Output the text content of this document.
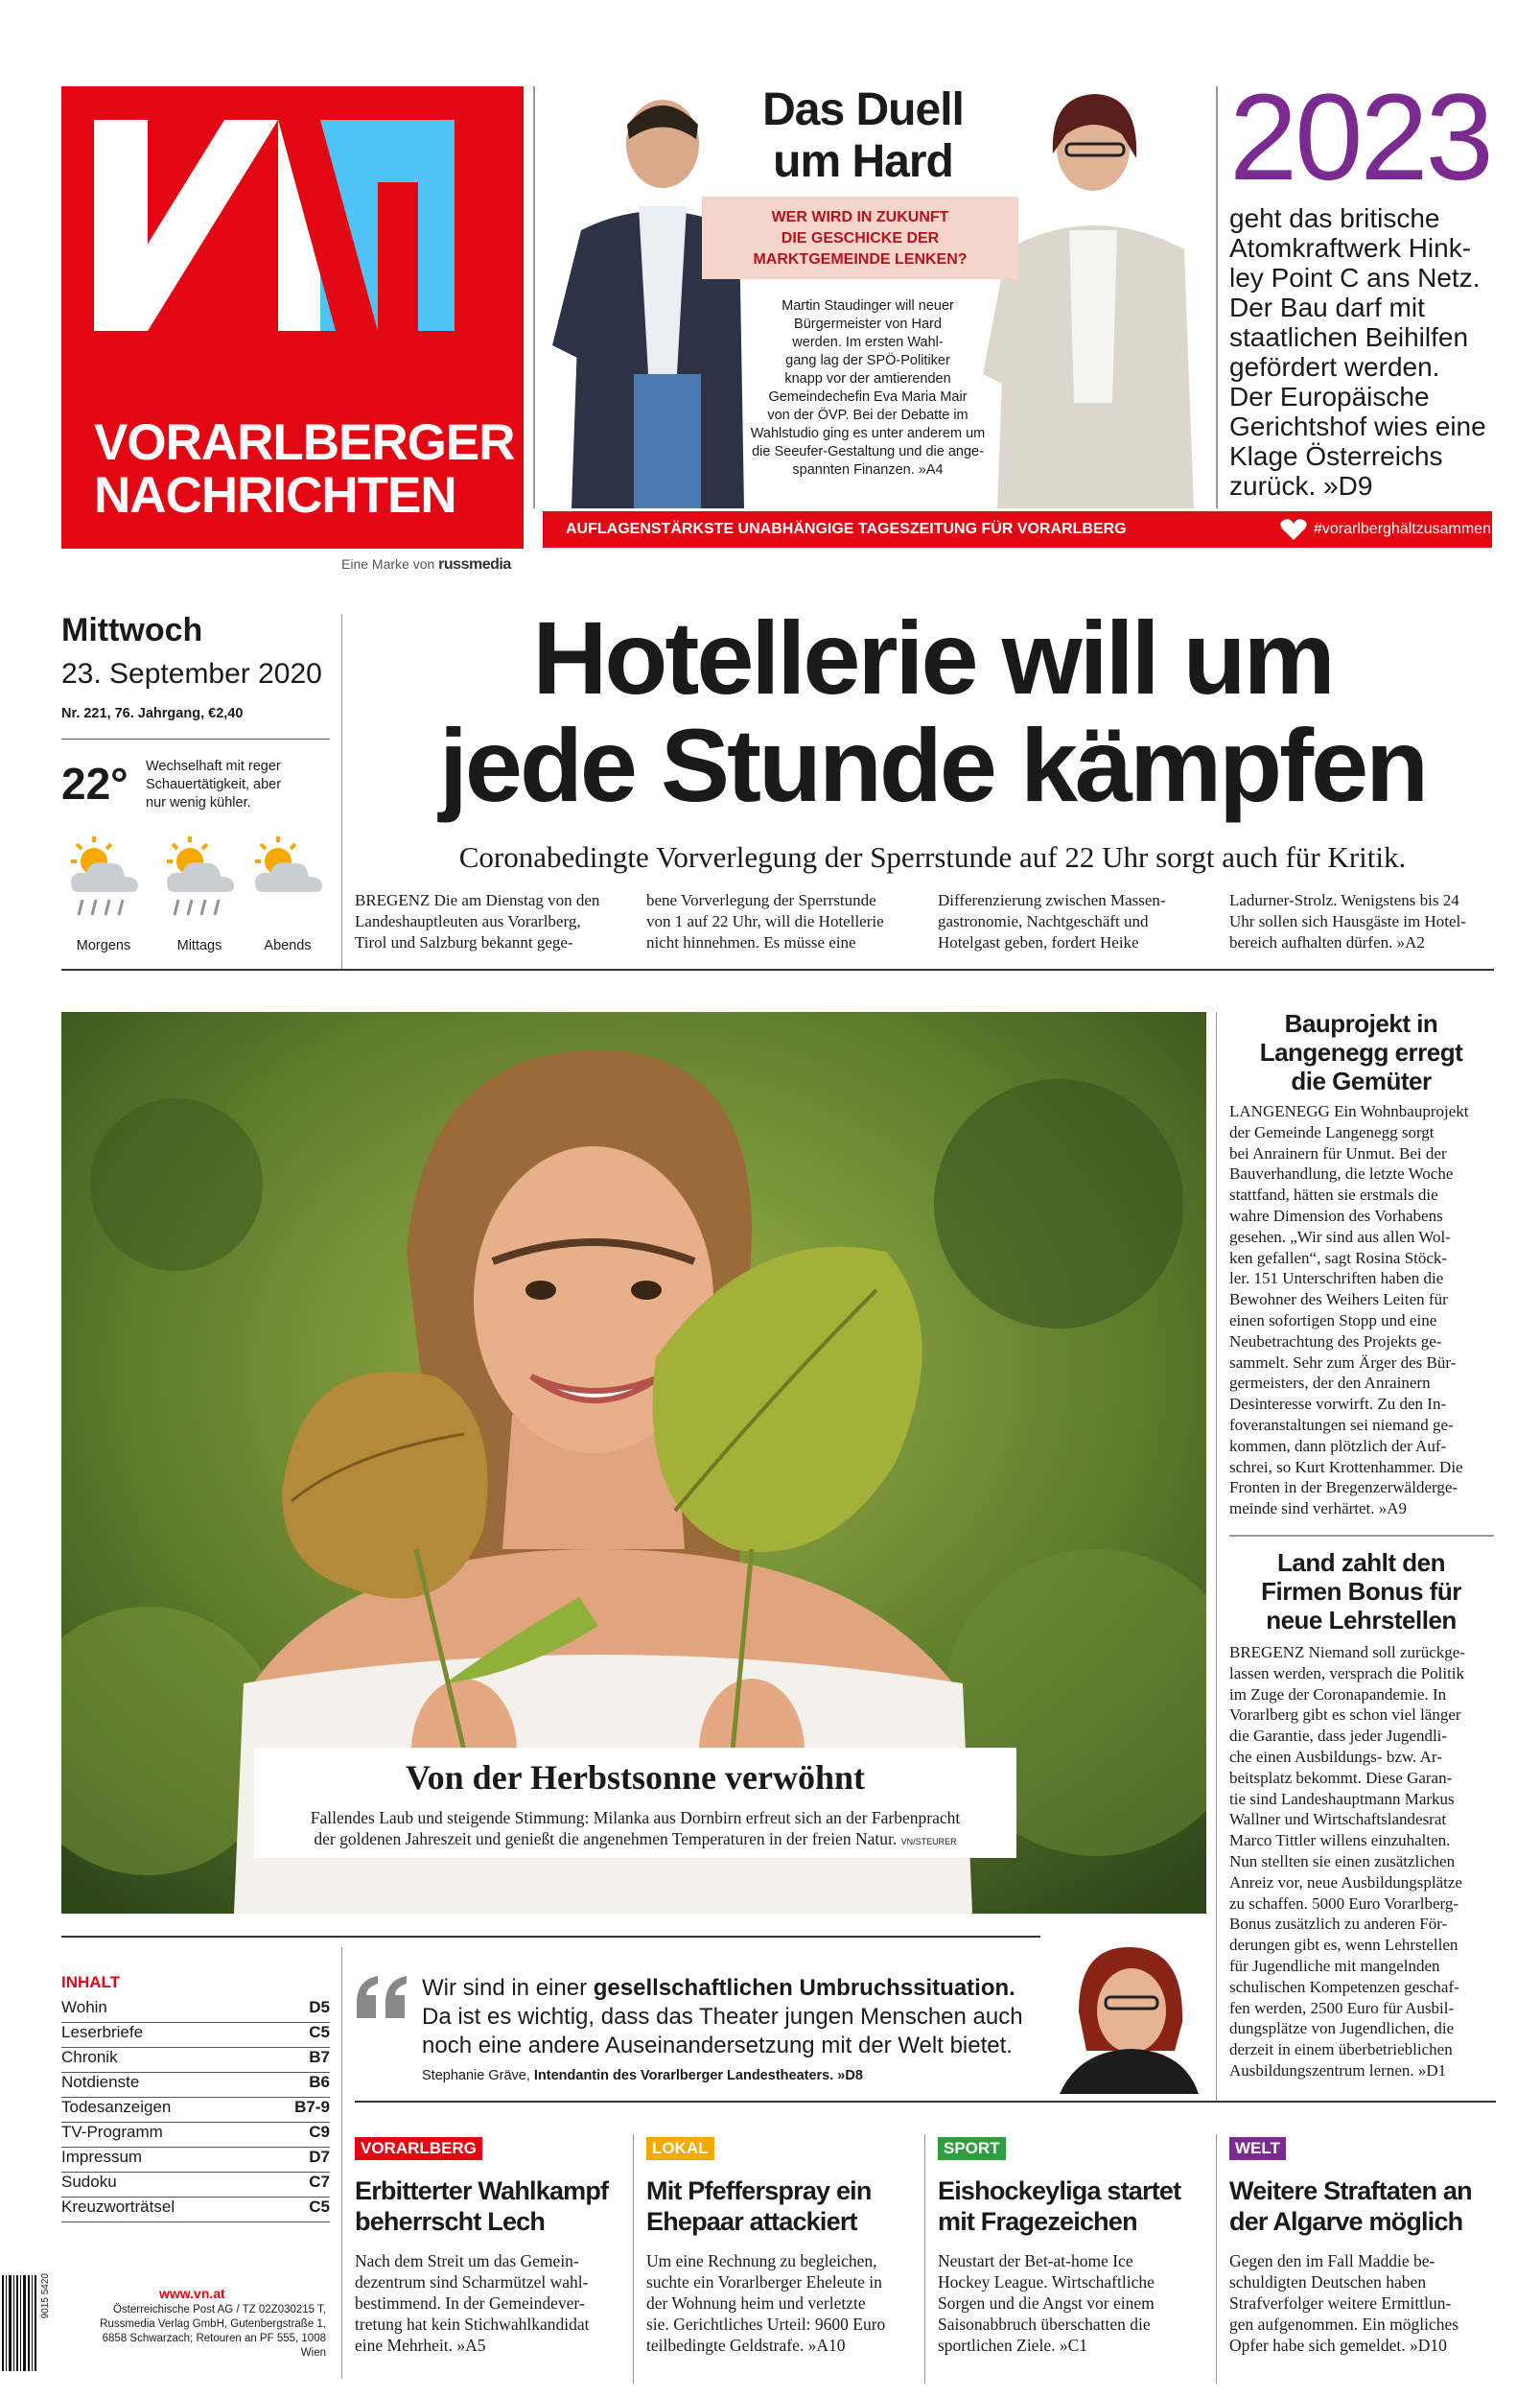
VORARLBERGER
NACHRICHTEN
Eine Marke von russmedia
Das Duell
um Hard
WER WIRD IN ZUKUNFT
DIE GESCHICKE DER
MARKTGEMEINDE LENKEN?
Martin Staudinger will neuer
Bürgermeister von Hard
werden. Im ersten Wahl-
gang lag der SPÖ-Politiker
knapp vor der amtierenden
Gemeindechefin Eva Maria Mair
von der ÖVP. Bei der Debatte im
Wahlstudio ging es unter anderem um
die Seeufer-Gestaltung und die ange-
spannten Finanzen. »A4
2023
geht das britische
Atomkraftwerk Hink-
ley Point C ans Netz.
Der Bau darf mit
staatlichen Beihilfen
gefördert werden.
Der Europäische
Gerichtshof wies eine
Klage Österreichs
zurück. »D9
AUFLAGENSTÄRKSTE UNABHÄNGIGE TAGESZEITUNG FÜR VORARLBERG	#vorarlberghältzusammen
Mittwoch
23. September 2020
Nr. 221, 76. Jahrgang, €2,40
22° Wechselhaft mit reger
Schauertätigkeit, aber
nur wenig kühler.
Morgens	Mittags	Abends
Hotellerie will um
jede Stunde kämpfen
Coronabedingte Vorverlegung der Sperrstunde auf 22 Uhr sorgt auch für Kritik.
BREGENZ Die am Dienstag von den
Landeshauptleuten aus Vorarlberg,
Tirol und Salzburg bekannt gege-
bene Vorverlegung der Sperrstunde
von 1 auf 22 Uhr, will die Hotellerie
nicht hinnehmen. Es müsse eine
Differenzierung zwischen Massen-
gastronomie, Nachtgeschäft und
Hotelgast geben, fordert Heike
Ladurner-Strolz. Wenigstens bis 24
Uhr sollen sich Hausgäste im Hotel-
bereich aufhalten dürfen. »A2
Von der Herbstsonne verwöhnt
Fallendes Laub und steigende Stimmung: Milanka aus Dornbirn erfreut sich an der Farbenpracht
der goldenen Jahreszeit und genießt die angenehmen Temperaturen in der freien Natur. VN/STEURER
Bauprojekt in
Langenegg erregt
die Gemüter
LANGENEGG Ein Wohnbauprojekt
der Gemeinde Langenegg sorgt
bei Anrainern für Unmut. Bei der
Bauverhandlung, die letzte Woche
stattfand, hätten sie erstmals die
wahre Dimension des Vorhabens
gesehen. „Wir sind aus allen Wol-
ken gefallen“, sagt Rosina Stöck-
ler. 151 Unterschriften haben die
Bewohner des Weihers Leiten für
einen sofortigen Stopp und eine
Neubetrachtung des Projekts ge-
sammelt. Sehr zum Ärger des Bür-
germeisters, der den Anrainern
Desinteresse vorwirft. Zu den In-
foveranstaltungen sei niemand ge-
kommen, dann plötzlich der Auf-
schrei, so Kurt Krottenhammer. Die
Fronten in der Bregenzerwälderge-
meinde sind verhärtet. »A9
Land zahlt den
Firmen Bonus für
neue Lehrstellen
BREGENZ Niemand soll zurückge-
lassen werden, versprach die Politik
im Zuge der Coronapandemie. In
Vorarlberg gibt es schon viel länger
die Garantie, dass jeder Jugendli-
che einen Ausbildungs- bzw. Ar-
beitsplatz bekommt. Diese Garan-
tie sind Landeshauptmann Markus
Wallner und Wirtschaftslandesrat
Marco Tittler willens einzuhalten.
Nun stellten sie einen zusätzlichen
Anreiz vor, neue Ausbildungsplätze
zu schaffen. 5000 Euro Vorarlberg-
Bonus zusätzlich zu anderen För-
derungen gibt es, wenn Lehrstellen
für Jugendliche mit mangelnden
schulischen Kompetenzen geschaf-
fen werden, 2500 Euro für Ausbil-
dungsplätze von Jugendlichen, die
derzeit in einem überbetrieblichen
Ausbildungszentrum lernen. »D1
INHALT
Wohin	D5
Leserbriefe	C5
Chronik	B7
Notdienste	B6
Todesanzeigen	B7-9
TV-Programm	C9
Impressum	D7
Sudoku	C7
Kreuzworträtsel	C5
Wir sind in einer gesellschaftlichen Umbruchssituation.
Da ist es wichtig, dass das Theater jungen Menschen auch
noch eine andere Auseinandersetzung mit der Welt bietet.
Stephanie Gräve, Intendantin des Vorarlberger Landestheaters. »D8
VORARLBERG
Erbitterter Wahlkampf
beherrscht Lech
Nach dem Streit um das Gemein-
dezentrum sind Scharmützel wahl-
bestimmend. In der Gemeindever-
tretung hat kein Stichwahlkandidat
eine Mehrheit. »A5
LOKAL
Mit Pfefferspray ein
Ehepaar attackiert
Um eine Rechnung zu begleichen,
suchte ein Vorarlberger Eheleute in
der Wohnung heim und verletzte
sie. Gerichtliches Urteil: 9600 Euro
teilbedingte Geldstrafe. »A10
SPORT
Eishockeyliga startet
mit Fragezeichen
Neustart der Bet-at-home Ice
Hockey League. Wirtschaftliche
Sorgen und die Angst vor einem
Saisonabbruch überschatten die
sportlichen Ziele. »C1
WELT
Weitere Straftaten an
der Algarve möglich
Gegen den im Fall Maddie be-
schuldigten Deutschen haben
Strafverfolger weitere Ermittlun-
gen aufgenommen. Ein mögliches
Opfer habe sich gemeldet. »D10
9015 5420	www.vn.at
Österreichische Post AG / TZ 02Z030215 T,
Russmedia Verlag GmbH, Gutenbergstraße 1,
6858 Schwarzach; Retouren an PF 555, 1008 Wien
